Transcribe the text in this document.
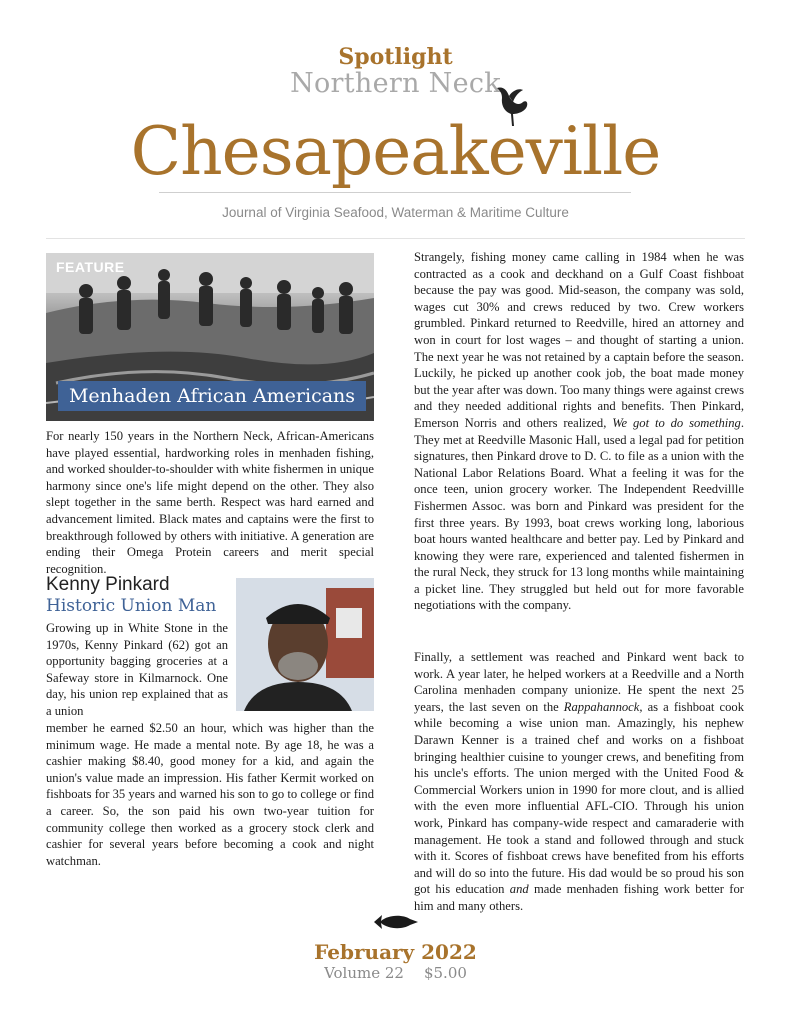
Spotlight
Northern Neck
Chesapeakeville
Journal of Virginia Seafood, Waterman & Maritime Culture
FEATURE
Menhaden African Americans
For nearly 150 years in the Northern Neck, African-Americans have played essential, hardworking roles in menhaden fishing, and worked shoulder-to-shoulder with white fishermen in unique harmony since one's life might depend on the other. They also slept together in the same berth. Respect was hard earned and advancement limited. Black mates and captains were the first to breakthrough followed by others with initiative. A generation are ending their Omega Protein careers and merit special recognition.
Kenny Pinkard
Historic Union Man
Growing up in White Stone in the 1970s, Kenny Pinkard (62) got an opportunity bagging groceries at a Safeway store in Kilmarnock. One day, his union rep explained that as a union
member he earned $2.50 an hour, which was higher than the minimum wage. He made a mental note. By age 18, he was a cashier making $8.40, good money for a kid, and again the union's value made an impression. His father Kermit worked on fishboats for 35 years and warned his son to go to college or find a career. So, the son paid his own two-year tuition for community college then worked as a grocery stock clerk and cashier for several years before becoming a cook and night watchman.
Strangely, fishing money came calling in 1984 when he was contracted as a cook and deckhand on a Gulf Coast fishboat because the pay was good. Mid-season, the company was sold, wages cut 30% and crews reduced by two. Crew workers grumbled. Pinkard returned to Reedville, hired an attorney and won in court for lost wages – and thought of starting a union. The next year he was not retained by a captain before the season. Luckily, he picked up another cook job, the boat made money but the year after was down. Too many things were against crews and they needed additional rights and benefits. Then Pinkard, Emerson Norris and others realized, We got to do something. They met at Reedville Masonic Hall, used a legal pad for petition signatures, then Pinkard drove to D. C. to file as a union with the National Labor Relations Board. What a feeling it was for the once teen, union grocery worker. The Independent Reedvillle Fishermen Assoc. was born and Pinkard was president for the first three years. By 1993, boat crews working long, laborious boat hours wanted healthcare and better pay. Led by Pinkard and knowing they were rare, experienced and talented fishermen in the rural Neck, they struck for 13 long months while maintaining a picket line. They struggled but held out for more favorable negotiations with the company.
Finally, a settlement was reached and Pinkard went back to work. A year later, he helped workers at a Reedville and a North Carolina menhaden company unionize. He spent the next 25 years, the last seven on the Rappahannock, as a fishboat cook while becoming a wise union man. Amazingly, his nephew Darawn Kenner is a trained chef and works on a fishboat bringing healthier cuisine to younger crews, and benefiting from his uncle's efforts. The union merged with the United Food & Commercial Workers union in 1990 for more clout, and is allied with the even more influential AFL-CIO. Through his union work, Pinkard has company-wide respect and camaraderie with management. He took a stand and followed through and stuck with it. Scores of fishboat crews have benefited from his efforts and will do so into the future. His dad would be so proud his son got his education and made menhaden fishing work better for him and many others.
February 2022
Volume 22 $5.00
